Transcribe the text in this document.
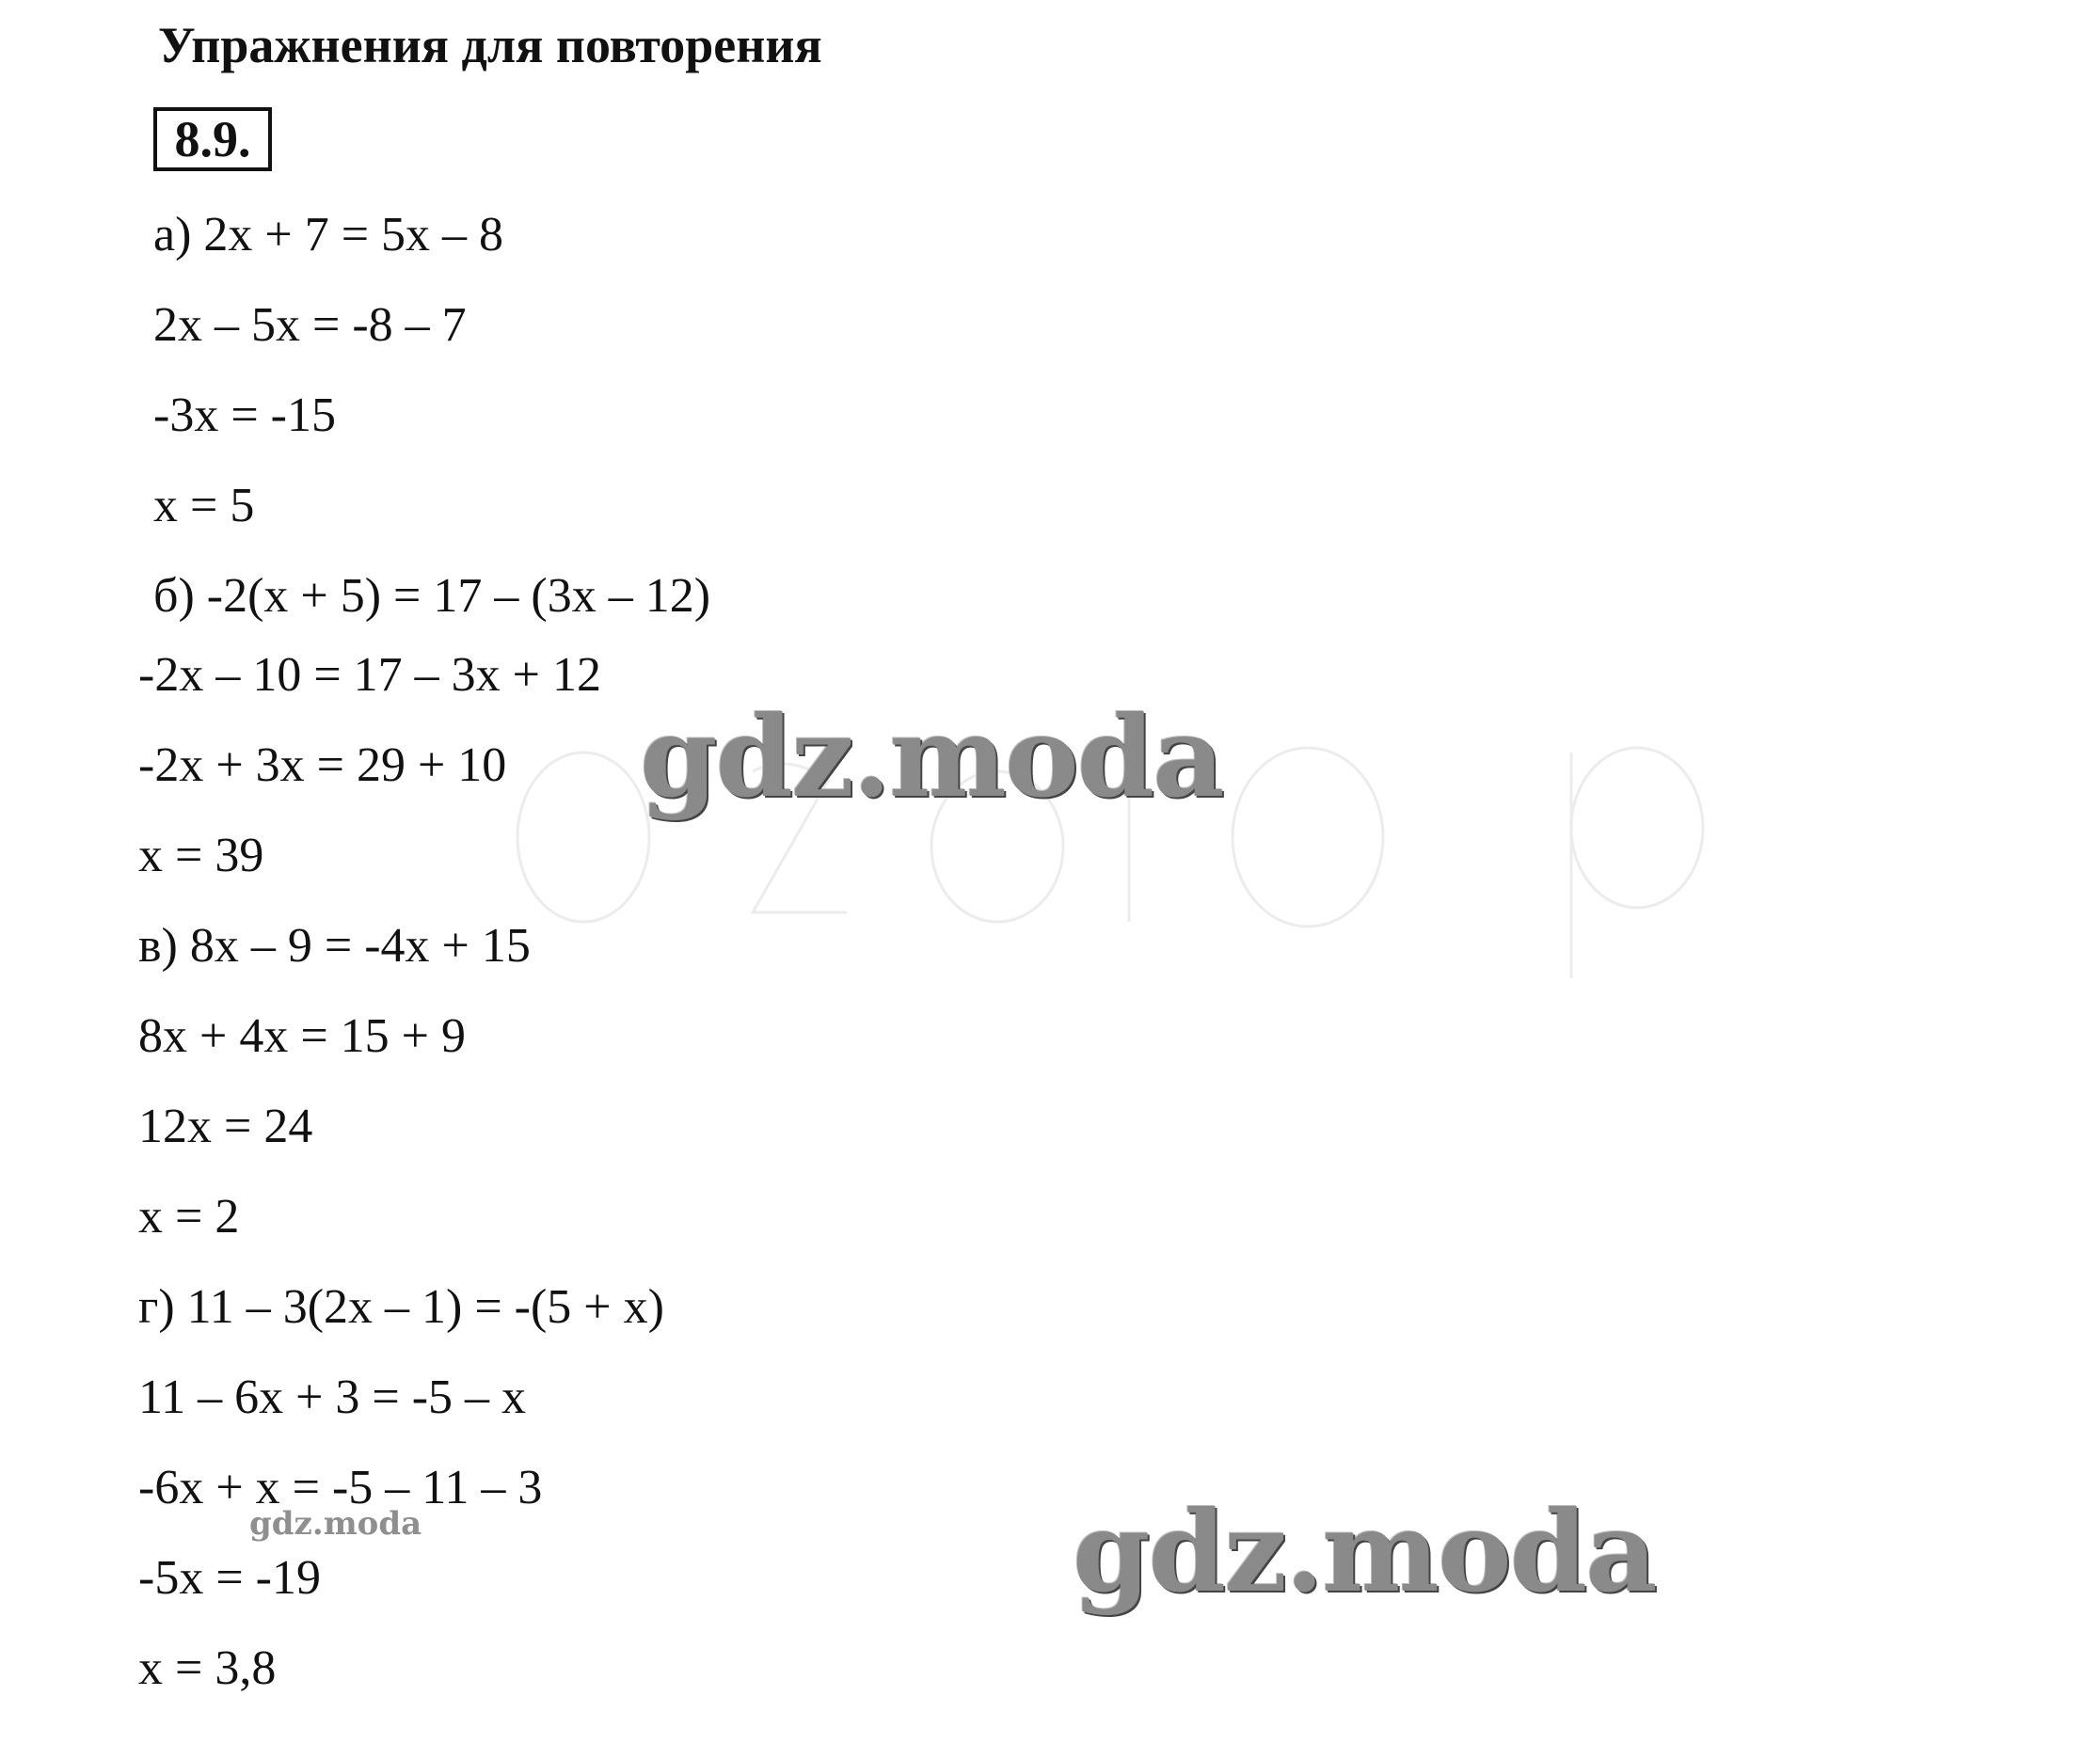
Упражнения для повторения
8.9.
а) 2x + 7 = 5x – 8
2x – 5x = -8 – 7
-3x = -15
x = 5
б) -2(x + 5) = 17 – (3x – 12)
-2x – 10 = 17 – 3x + 12
-2x + 3x = 29 + 10
x = 39
в) 8x – 9 = -4x + 15
8x + 4x = 15 + 9
12x = 24
x = 2
г) 11 – 3(2x – 1) = -(5 + x)
11 – 6x + 3 = -5 – x
-6x + x = -5 – 11 – 3
-5x = -19
x = 3,8
gdz.moda
gdz.moda
gdz.moda
